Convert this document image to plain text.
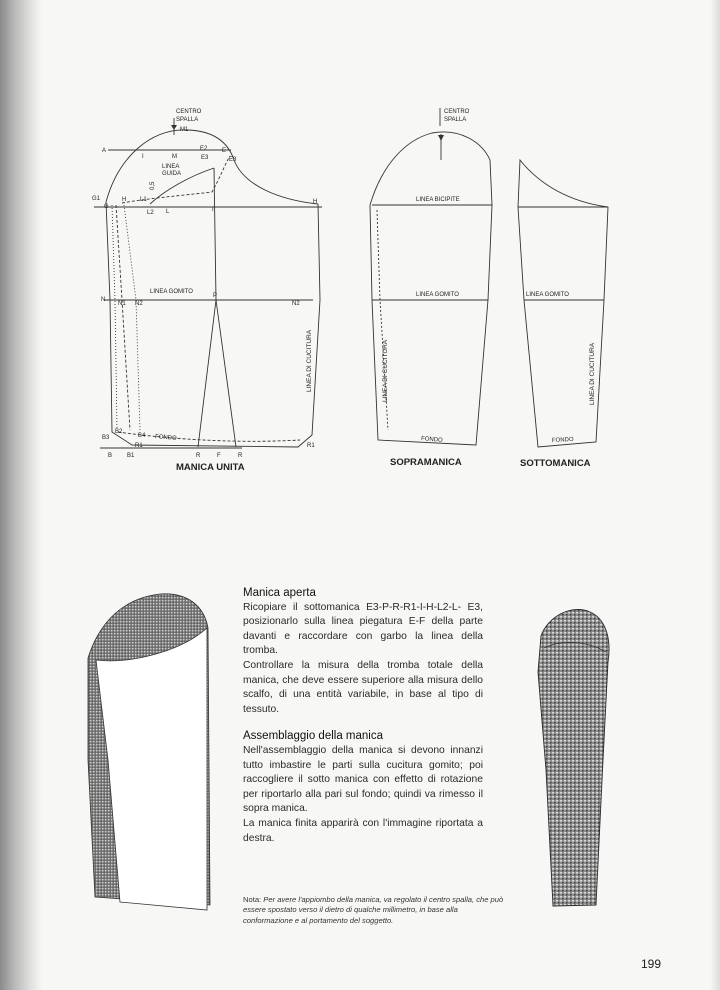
CENTRO
SPALLA
M1
A
I	M
E2 E
E3	E3
LINEA
GUIDA
0,5
G1
G
H L1
L2 L	I
H
LINEA GOMITO
N
N1 N2
P
N2
LINEA DI CUCITURA
B2
B3	B4 FONDO
R1	R1
B B1	R	F	R
MANICA UNITA
CENTRO
SPALLA
LINEA BICIPITE
LINEA GOMITO
LINEA DI CUCITURA
FONDO
SOPRAMANICA
LINEA GOMITO
LINEA DI CUCITURA
FONDO
SOTTOMANICA
Manica aperta

Ricopiare il sottomanica E3-P-R-R1-I-H-L2-L- E3, posizionarlo sulla linea piegatura E-F della parte davanti e raccordare con garbo la linea della tromba.

Controllare la misura della tromba totale della manica, che deve essere superiore alla misura dello scalfo, di una entità variabile, in base al tipo di tessuto.

Assemblaggio della manica

Nell'assemblaggio della manica si devono innanzi tutto imbastire le parti sulla cucitura gomito; poi raccogliere il sotto manica con effetto di rotazione per riportarlo alla pari sul fondo; quindi va rimesso il sopra manica.

La manica finita apparirà con l'immagine riportata a destra.

Nota: Per avere l'appiombo della manica, va regolato il centro spalla, che può essere spostato verso il dietro di qualche millimetro, in base alla conformazione e al portamento del soggetto.
199
